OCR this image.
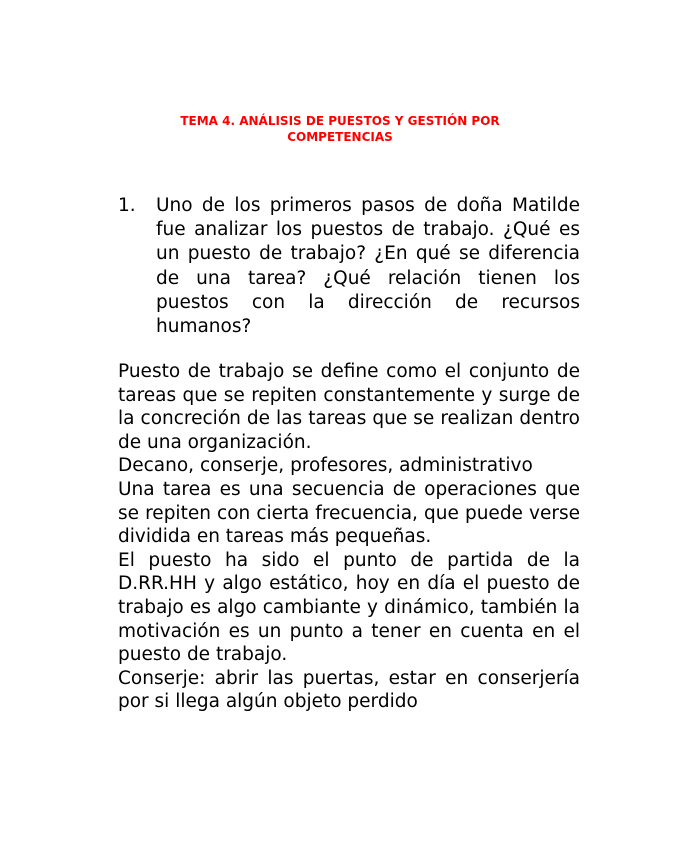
TEMA 4. ANÁLISIS DE PUESTOS Y GESTIÓN POR
COMPETENCIAS
1.	Uno de los primeros pasos de doña Matilde fue analizar los puestos de trabajo. ¿Qué es un puesto de trabajo? ¿En qué se diferencia de una tarea? ¿Qué relación tienen los puestos con la dirección de recursos humanos?

Puesto de trabajo se define como el conjunto de tareas que se repiten constantemente y surge de la concreción de las tareas que se realizan dentro de una organización.

Decano, conserje, profesores, administrativo

Una tarea es una secuencia de operaciones que se repiten con cierta frecuencia, que puede verse dividida en tareas más pequeñas.

El puesto ha sido el punto de partida de la D.RR.HH y algo estático, hoy en día el puesto de trabajo es algo cambiante y dinámico, también la motivación es un punto a tener en cuenta en el puesto de trabajo.

Conserje: abrir las puertas, estar en conserjería por si llega algún objeto perdido
